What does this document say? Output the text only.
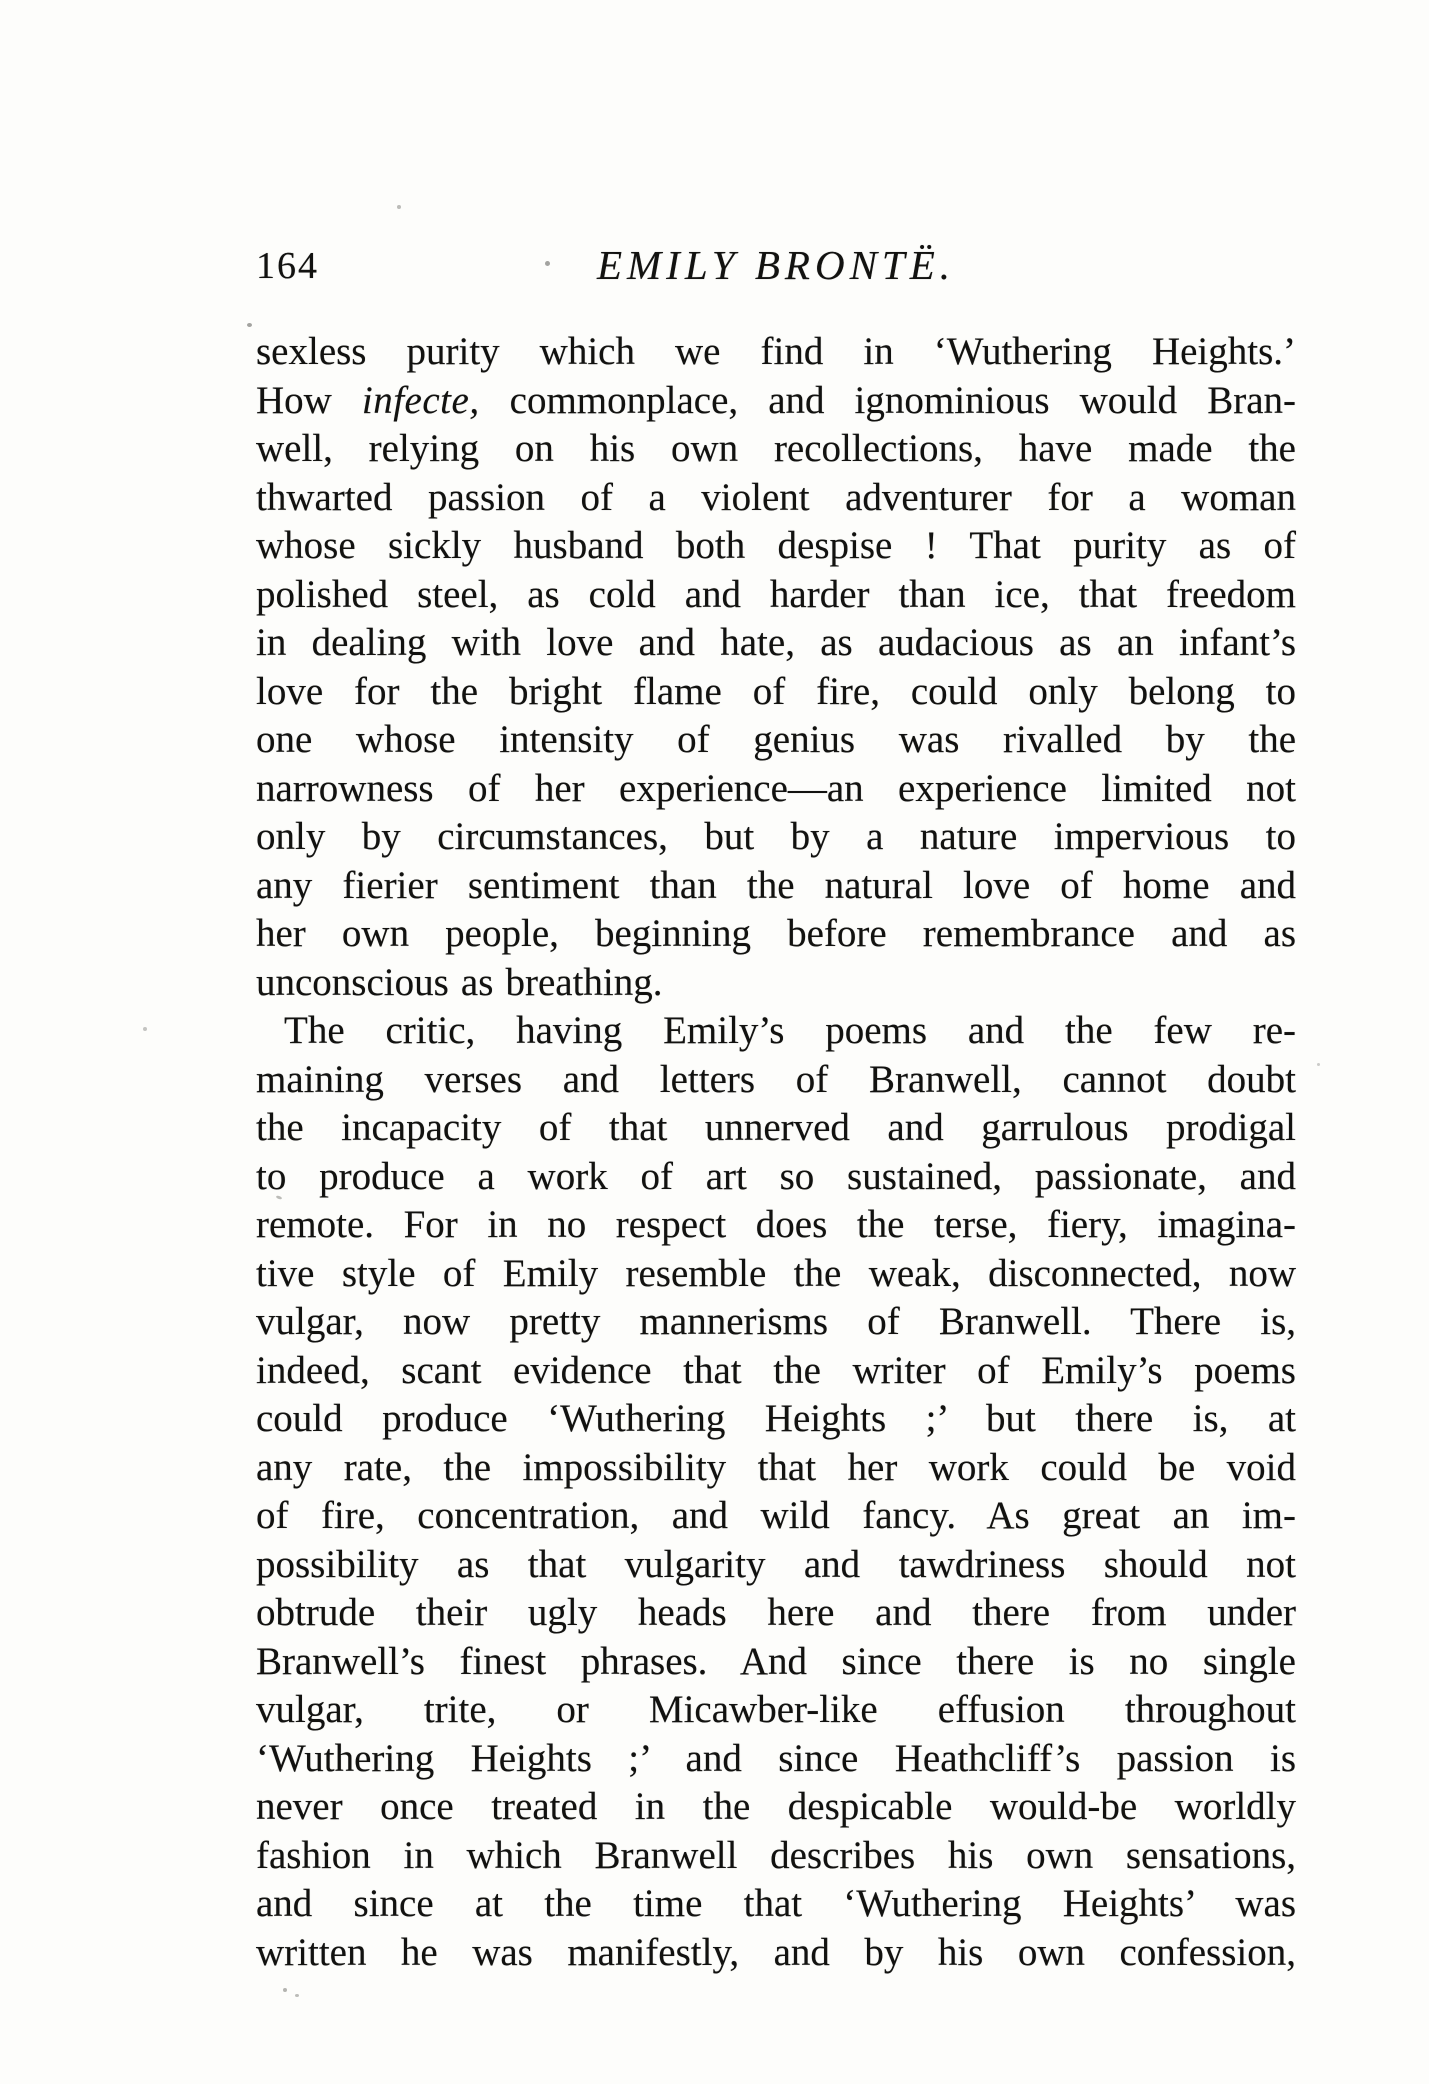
164	EMILY BRONTË.
sexless purity which we find in ‘Wuthering Heights.’
How infecte, commonplace, and ignominious would Bran-
well, relying on his own recollections, have made the
thwarted passion of a violent adventurer for a woman
whose sickly husband both despise ! That purity as of
polished steel, as cold and harder than ice, that freedom
in dealing with love and hate, as audacious as an infant’s
love for the bright flame of fire, could only belong to
one whose intensity of genius was rivalled by the
narrowness of her experience—an experience limited not
only by circumstances, but by a nature impervious to
any fierier sentiment than the natural love of home and
her own people, beginning before remembrance and as
unconscious as breathing.
The critic, having Emily’s poems and the few re-
maining verses and letters of Branwell, cannot doubt
the incapacity of that unnerved and garrulous prodigal
to produce a work of art so sustained, passionate, and
remote. For in no respect does the terse, fiery, imagina-
tive style of Emily resemble the weak, disconnected, now
vulgar, now pretty mannerisms of Branwell. There is,
indeed, scant evidence that the writer of Emily’s poems
could produce ‘Wuthering Heights ;’ but there is, at
any rate, the impossibility that her work could be void
of fire, concentration, and wild fancy. As great an im-
possibility as that vulgarity and tawdriness should not
obtrude their ugly heads here and there from under
Branwell’s finest phrases. And since there is no single
vulgar, trite, or Micawber-like effusion throughout
‘Wuthering Heights ;’ and since Heathcliff’s passion is
never once treated in the despicable would-be worldly
fashion in which Branwell describes his own sensations,
and since at the time that ‘Wuthering Heights’ was
written he was manifestly, and by his own confession,
